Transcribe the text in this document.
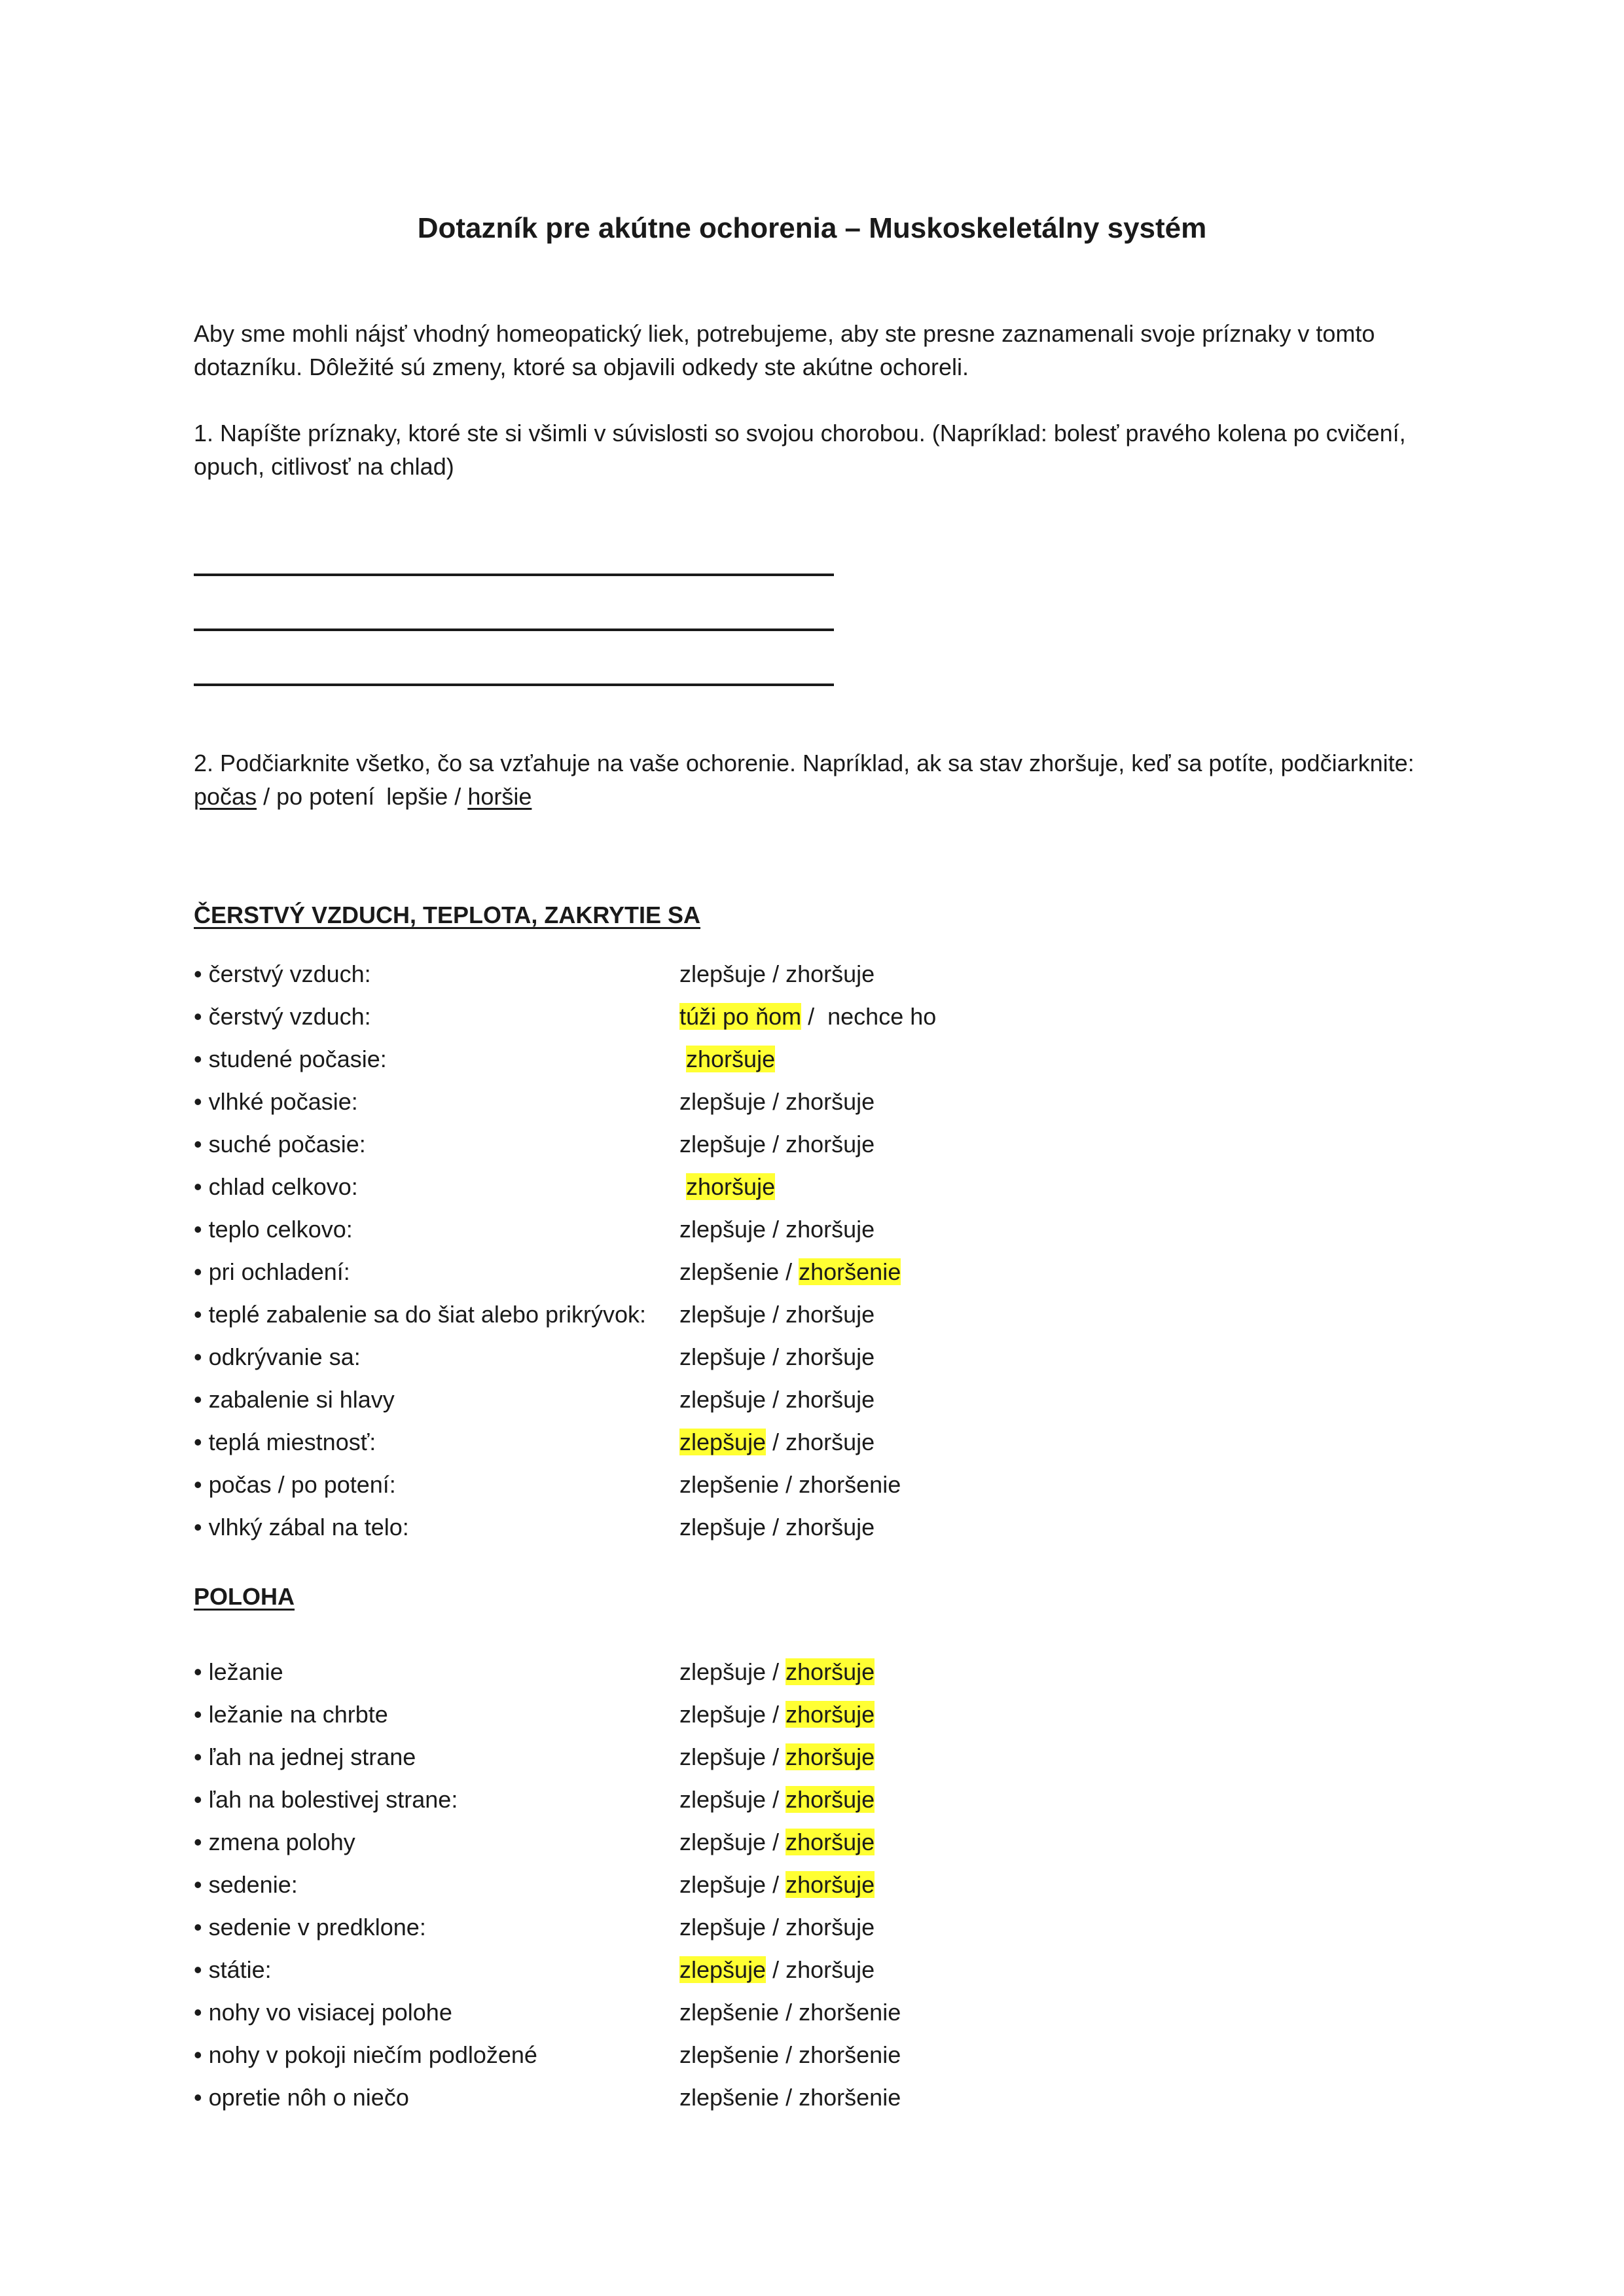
Dotazník pre akútne ochorenia – Muskoskeletálny systém

Aby sme mohli nájsť vhodný homeopatický liek, potrebujeme, aby ste presne zaznamenali svoje príznaky v tomto dotazníku. Dôležité sú zmeny, ktoré sa objavili odkedy ste akútne ochoreli.

1. Napíšte príznaky, ktoré ste si všimli v súvislosti so svojou chorobou. (Napríklad: bolesť pravého kolena po cvičení, opuch, citlivosť na chlad)

2. Podčiarknite všetko, čo sa vzťahuje na vaše ochorenie. Napríklad, ak sa stav zhoršuje, keď sa potíte, podčiarknite: počas / po potení lepšie / horšie

ČERSTVÝ VZDUCH, TEPLOTA, ZAKRYTIE SA
• čerstvý vzduch:	zlepšuje / zhoršuje
• čerstvý vzduch:	túži po ňom /  nechce ho
• studené počasie:	zhoršuje
• vlhké počasie:	zlepšuje / zhoršuje
• suché počasie:	zlepšuje / zhoršuje
• chlad celkovo:	zhoršuje
• teplo celkovo:	zlepšuje / zhoršuje
• pri ochladení:	zlepšenie / zhoršenie
• teplé zabalenie sa do šiat alebo prikrývok: zlepšuje / zhoršuje
• odkrývanie sa:	zlepšuje / zhoršuje
• zabalenie si hlavy	zlepšuje / zhoršuje
• teplá miestnosť:	zlepšuje / zhoršuje
• počas / po potení:	zlepšenie / zhoršenie
• vlhký zábal na telo:	zlepšuje / zhoršuje
POLOHA
• ležanie	zlepšuje / zhoršuje
• ležanie na chrbte	zlepšuje / zhoršuje
• ľah na jednej strane	zlepšuje / zhoršuje
• ľah na bolestivej strane:	zlepšuje / zhoršuje
• zmena polohy	zlepšuje / zhoršuje
• sedenie:	zlepšuje / zhoršuje
• sedenie v predklone:	zlepšuje / zhoršuje
• státie:	zlepšuje / zhoršuje
• nohy vo visiacej polohe	zlepšenie / zhoršenie
• nohy v pokoji niečím podložené	zlepšenie / zhoršenie
• opretie nôh o niečo	zlepšenie / zhoršenie
